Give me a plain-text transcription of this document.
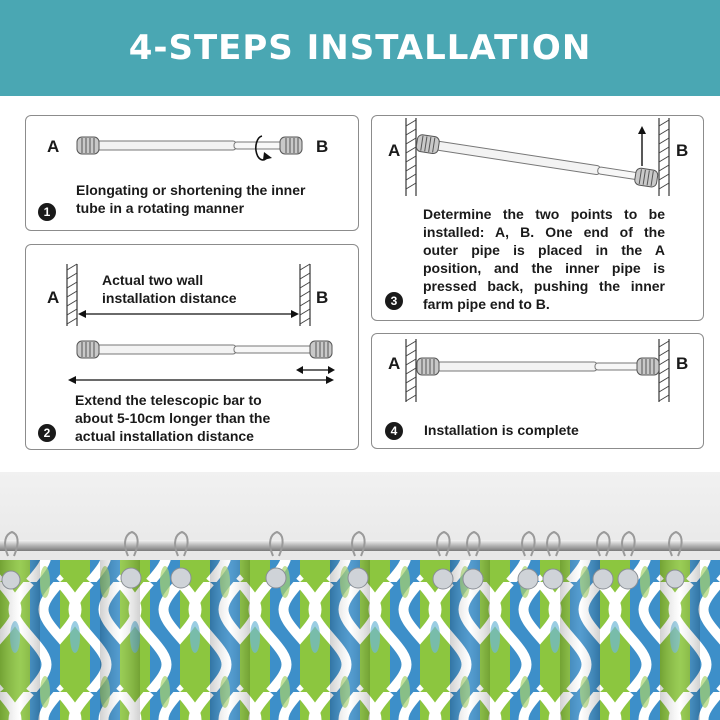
4-STEPS INSTALLATION
A	B
Elongating or shortening the inner
tube in a rotating manner
1
A	B
Actual two wall
installation distance
Extend the telescopic bar to
about 5-10cm longer than the
actual installation distance
2
A	B
Determine the two points to be
installed: A, B. One end of the
outer pipe is placed in the A
position, and the inner pipe is
pressed back, pushing the inner
farm pipe end to B.
3
A	B
Installation is complete
4
